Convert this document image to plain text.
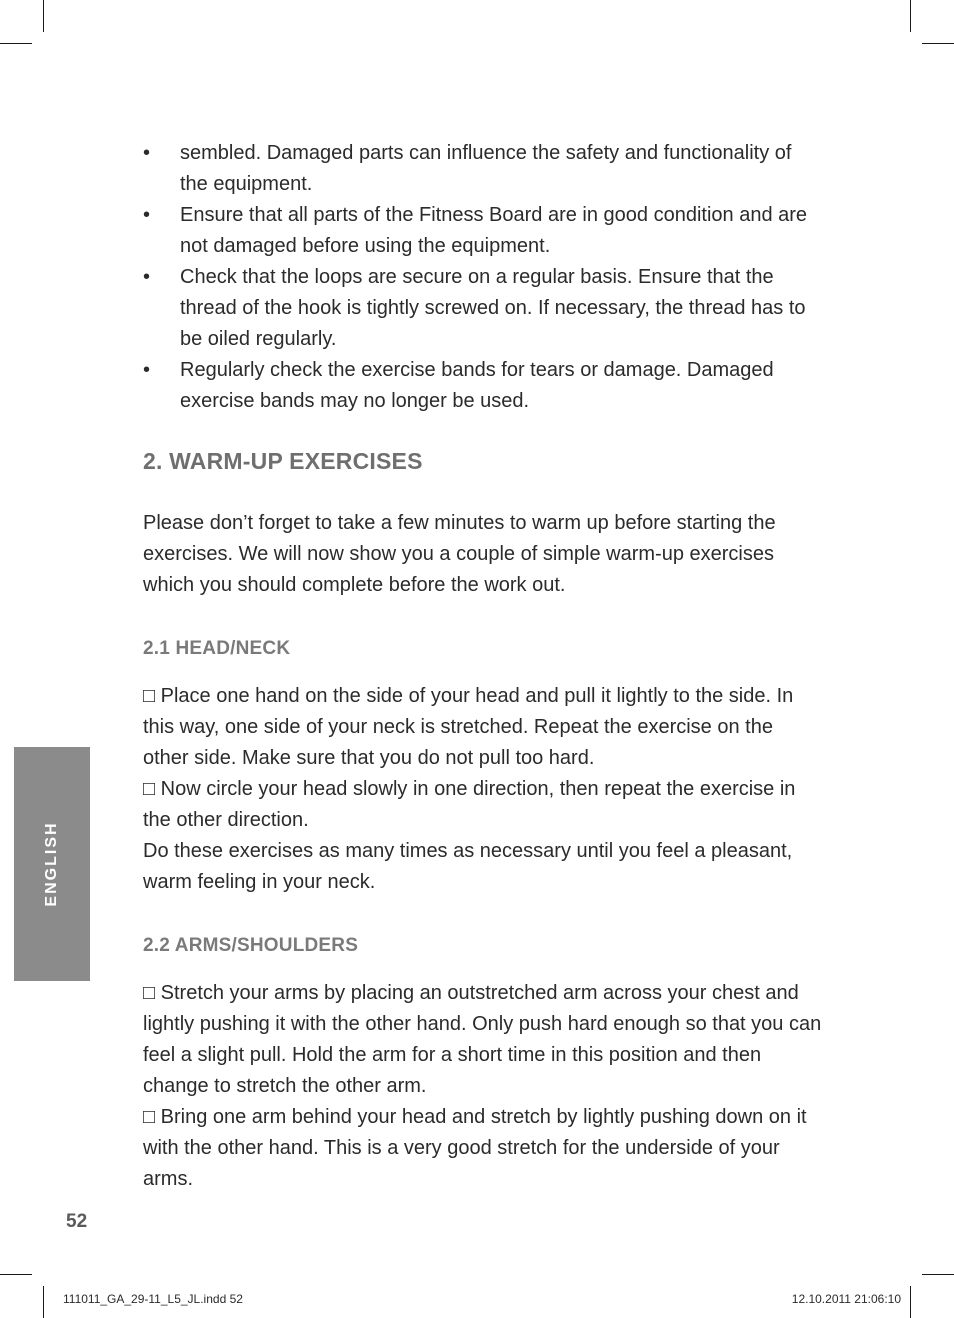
• sembled. Damaged parts can influence the safety and functionality of the equipment.
• Ensure that all parts of the Fitness Board are in good condition and are not damaged before using the equipment.
• Check that the loops are secure on a regular basis. Ensure that the thread of the hook is tightly screwed on. If necessary, the thread has to be oiled regularly.
• Regularly check the exercise bands for tears or damage. Damaged exercise bands may no longer be used.
2. WARM-UP EXERCISES

Please don’t forget to take a few minutes to warm up before starting the exercises. We will now show you a couple of simple warm-up exercises which you should complete before the work out.

2.1 HEAD/NECK

□ Place one hand on the side of your head and pull it lightly to the side. In this way, one side of your neck is stretched. Repeat the exercise on the other side. Make sure that you do not pull too hard.

□ Now circle your head slowly in one direction, then repeat the exercise in the other direction.

Do these exercises as many times as necessary until you feel a pleasant, warm feeling in your neck.

2.2 ARMS/SHOULDERS

□ Stretch your arms by placing an outstretched arm across your chest and lightly pushing it with the other hand. Only push hard enough so that you can feel a slight pull. Hold the arm for a short time in this position and then change to stretch the other arm.

□ Bring one arm behind your head and stretch by lightly pushing down on it with the other hand. This is a very good stretch for the underside of your arms.

ENGLISH
52
111011_GA_29-11_L5_JL.indd 52	12.10.2011 21:06:10
